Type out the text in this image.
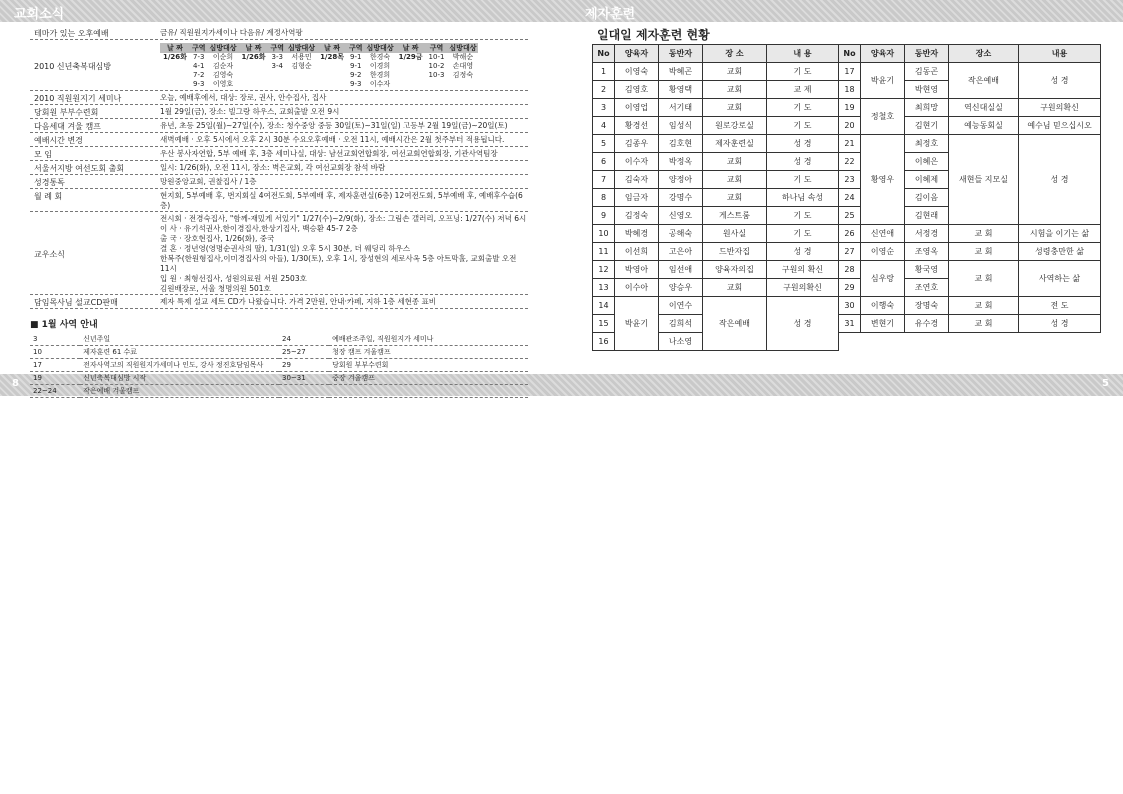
교회소식	제자훈련
8	5
테마가 있는 오후예배	금유/ 직원원지가세이나 다음유/ 계정사역팡
2010 신년축복대심방
날 짜	구역	심방대상	날 짜	구역	심방대상	날 짜	구역	심방대상	날 짜	구역	심방대상
1/26화	7-3	이순희	1/26화	3-3	서용민	1/28목	9-1	한경숙	1/29금	10-1	박해순
	4-1	김순자		3-4	김형순		9-1	이경희		10-2	손대영
	7-2	김영숙					9-2	한경희		10-3	김정숙
	9-3	이영호					9-3	이수자			
2010 직원원지기 세미나	오늘, 예배후에서, 대상: 장로, 권사, 안수집사, 집사
당회원 부부수련회	1월 29일(금), 장소: 빌그랑 하우스, 교회출발 오전 9시
다음세대 겨울 캠프	유년, 초등 25일(월)~27일(수), 장소: 청수중앙 중등 30일(토)~31일(일) 고등부 2월 19일(금)~20일(토)
예배시간 변경	새벽예배 · 오후 5시에서 오후 2시 30분 수요오후예배 · 오전 11시, 예배시간은 2월 첫주부터 적용됩니다.
모 임	우산 봉사자연합, 5부 예배 후, 3층 세미나실, 대상: 남선교회연합회장, 여선교회연합회장, 기관사역팀장
서울서지방 여선도회 출회	일시: 1/26(화), 오전 11시, 장소: 벽은교회, 각 여선교회장 참석 바람
성경통독	망원중앙교회, 권찰집사 / 1층
월 례 회	현지회, 5부예배 후, 번지회실 4여전도회, 5부예배 후, 제자훈련실(6층) 12여전도회, 5부예배 후, 예배후수습(6층)
교우소식
전시회 · 전경숙집사, "함께-재밌게 서있기" 1/27(수)~2/9(화), 장소: 그림손 갤러리, 오프닝: 1/27(수) 저녁 6시
이 사 · 유기석권사,한이경집사,한상기집사, 백승환 45-7 2층
출 국 · 장호현집사, 1/26(화), 중국
결 혼 · 정년영(영명순권사의 딸), 1/31(일) 오후 5시 30분, 더 웨딩리 하우스
한복주(한원형집사,이미경집사의 아들), 1/30(토), 오후 1시, 장성현의 세로사옥 5층 아트막홀, 교회출발 오전 11시
입 원 · 최형선집사, 성원의료원 서원 2503호
김원배장로, 서울 청명의원 501호
담임목사님 설교CD판매	제자 특제 설교 세트 CD가 나왔습니다. 가격 2만원, 안내·카페, 지하 1층 세현종 표비
■ 1월 사역 안내
3	신년주일	24	예배관조주일, 직원원지가 세미나
10	제자훈련 61 수료	25~27	청장 캠프 겨울캠프
17	전자사역고의 직원원지가세미나 인도, 강사 정진호담임목사	29	당회원 부부수련회
19	신년축복대심방 시작	30~31	중장 겨울캠프
22~24	작은예배 겨울캠프		
일대일 제자훈련 현황
No	양육자	동반자	장 소	내 용	No	양육자	동반자	장소	내용
1	이영숙	박혜곤	교회	기 도	17	박윤기	김동곤	작은예배	성 경
2	김영호	황영택	교회	교 제	18		박현영		
3	이영업	서기태	교회	기 도	19	정철호	최희망	역신대실실	구원의확신
4	황경선	임성식	원로강로실	기 도	20		김현기	예능동회실	예수님 믿으십시오
5	김종우	김호현	제자훈련실	성 경	21	황영우	최정호	새현들 지모실	성 경
6	이수자	박정옥	교회	성 경	22		이혜은		
7	김숙자	양정아	교회	기 도	23		이혜제		
8	임금자	강명수	교회	하나님 속성	24		김이음		
9	김정숙	신영오	게스트룸	기 도	25		김현래		
10	박혜경	공해숙	원사실	기 도	26	신연애	서정경	교 회	시험을 이기는 삶
11	이선희	고은아	드반자집	성 경	27	이영순	조영옥	교 회	성령충만한 삶
12	박영아	임선애	양육자의집	구원의 확신	28	심우랑	황국영	교 회	사역하는 삶
13	이수아	양승우	교회	구원의확신	29		조연호		
14	박윤기	이연수	작은예배	성 경	30	이행숙	장명숙	교 회	전 도
15		김희석			31	변현기	유수경	교 회	성 경
16		나소영							
